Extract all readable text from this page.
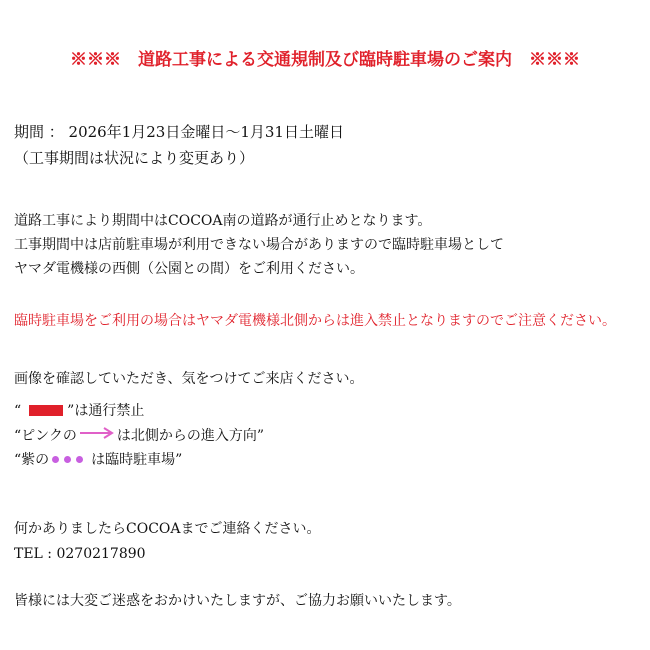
※※※　道路工事による交通規制及び臨時駐車場のご案内　※※※
期間 ： 2026年1月23日金曜日〜1月31日土曜日
（工事期間は状況により変更あり）
道路工事により期間中はCOCOA南の道路が通行止めとなります。
工事期間中は店前駐車場が利用できない場合がありますので臨時駐車場として
ヤマダ電機様の西側（公園との間）をご利用ください。
臨時駐車場をご利用の場合はヤマダ電機様北側からは進入禁止となりますのでご注意ください。
画像を確認していただき、気をつけてご来店ください。
“	”は通行禁止
“ピンクの	は北側からの進入方向”
“紫の	は臨時駐車場”
何かありましたらCOCOAまでご連絡ください。
TEL : 0270217890
皆様には大変ご迷惑をおかけいたしますが、ご協力お願いいたします。
